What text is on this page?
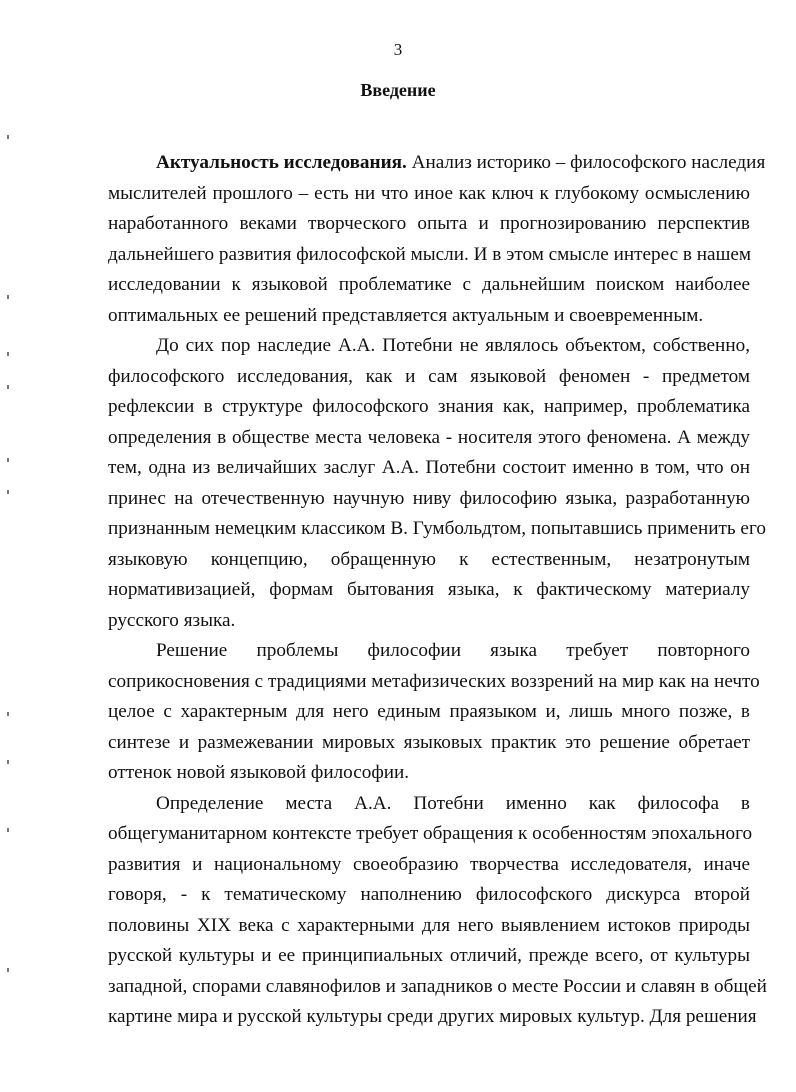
3
Введение
Актуальность исследования. Анализ историко – философского наследия
мыслителей прошлого – есть ни что иное как ключ к глубокому осмыслению
наработанного веками творческого опыта и прогнозированию перспектив
дальнейшего развития философской мысли. И в этом смысле интерес в нашем
исследовании к языковой проблематике с дальнейшим поиском наиболее
оптимальных ее решений представляется актуальным и своевременным.
До сих пор наследие А.А. Потебни не являлось объектом, собственно,
философского исследования, как и сам языковой феномен - предметом
рефлексии в структуре философского знания как, например, проблематика
определения в обществе места человека - носителя этого феномена. А между
тем, одна из величайших заслуг А.А. Потебни состоит именно в том, что он
принес на отечественную научную ниву философию языка, разработанную
признанным немецким классиком В. Гумбольдтом, попытавшись применить его
языковую концепцию, обращенную к естественным, незатронутым
нормативизацией, формам бытования языка, к фактическому материалу
русского языка.
Решение проблемы философии языка требует повторного
соприкосновения с традициями метафизических воззрений на мир как на нечто
целое с характерным для него единым праязыком и, лишь много позже, в
синтезе и размежевании мировых языковых практик это решение обретает
оттенок новой языковой философии.
Определение места А.А. Потебни именно как философа в
общегуманитарном контексте требует обращения к особенностям эпохального
развития и национальному своеобразию творчества исследователя, иначе
говоря, - к тематическому наполнению философского дискурса второй
половины XIX века с характерными для него выявлением истоков природы
русской культуры и ее принципиальных отличий, прежде всего, от культуры
западной, спорами славянофилов и западников о месте России и славян в общей
картине мира и русской культуры среди других мировых культур. Для решения
